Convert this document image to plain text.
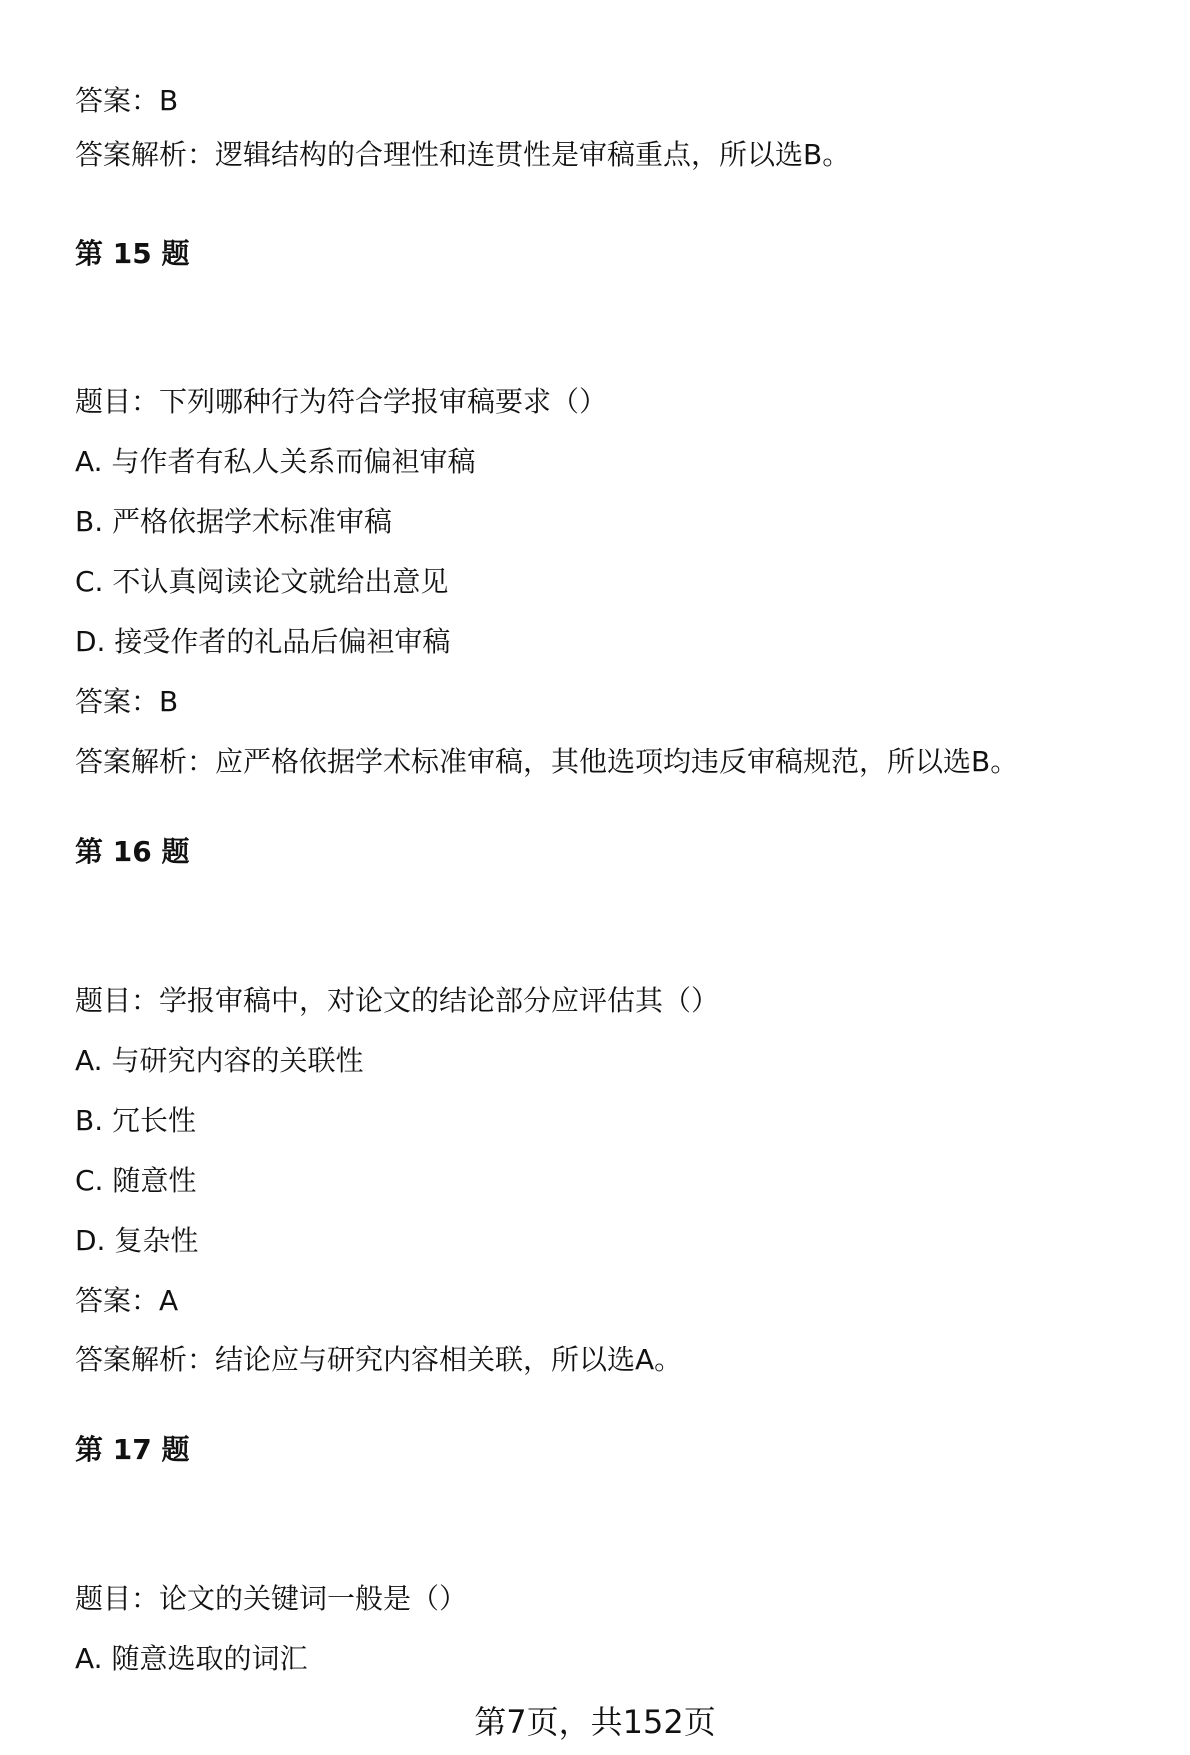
答案：B
答案解析：逻辑结构的合理性和连贯性是审稿重点，所以选B。
第 15 题
题目：下列哪种行为符合学报审稿要求（）
A. 与作者有私人关系而偏袒审稿
B. 严格依据学术标准审稿
C. 不认真阅读论文就给出意见
D. 接受作者的礼品后偏袒审稿
答案：B
答案解析：应严格依据学术标准审稿，其他选项均违反审稿规范，所以选B。
第 16 题
题目：学报审稿中，对论文的结论部分应评估其（）
A. 与研究内容的关联性
B. 冗长性
C. 随意性
D. 复杂性
答案：A
答案解析：结论应与研究内容相关联，所以选A。
第 17 题
题目：论文的关键词一般是（）
A. 随意选取的词汇
第7页，共152页
